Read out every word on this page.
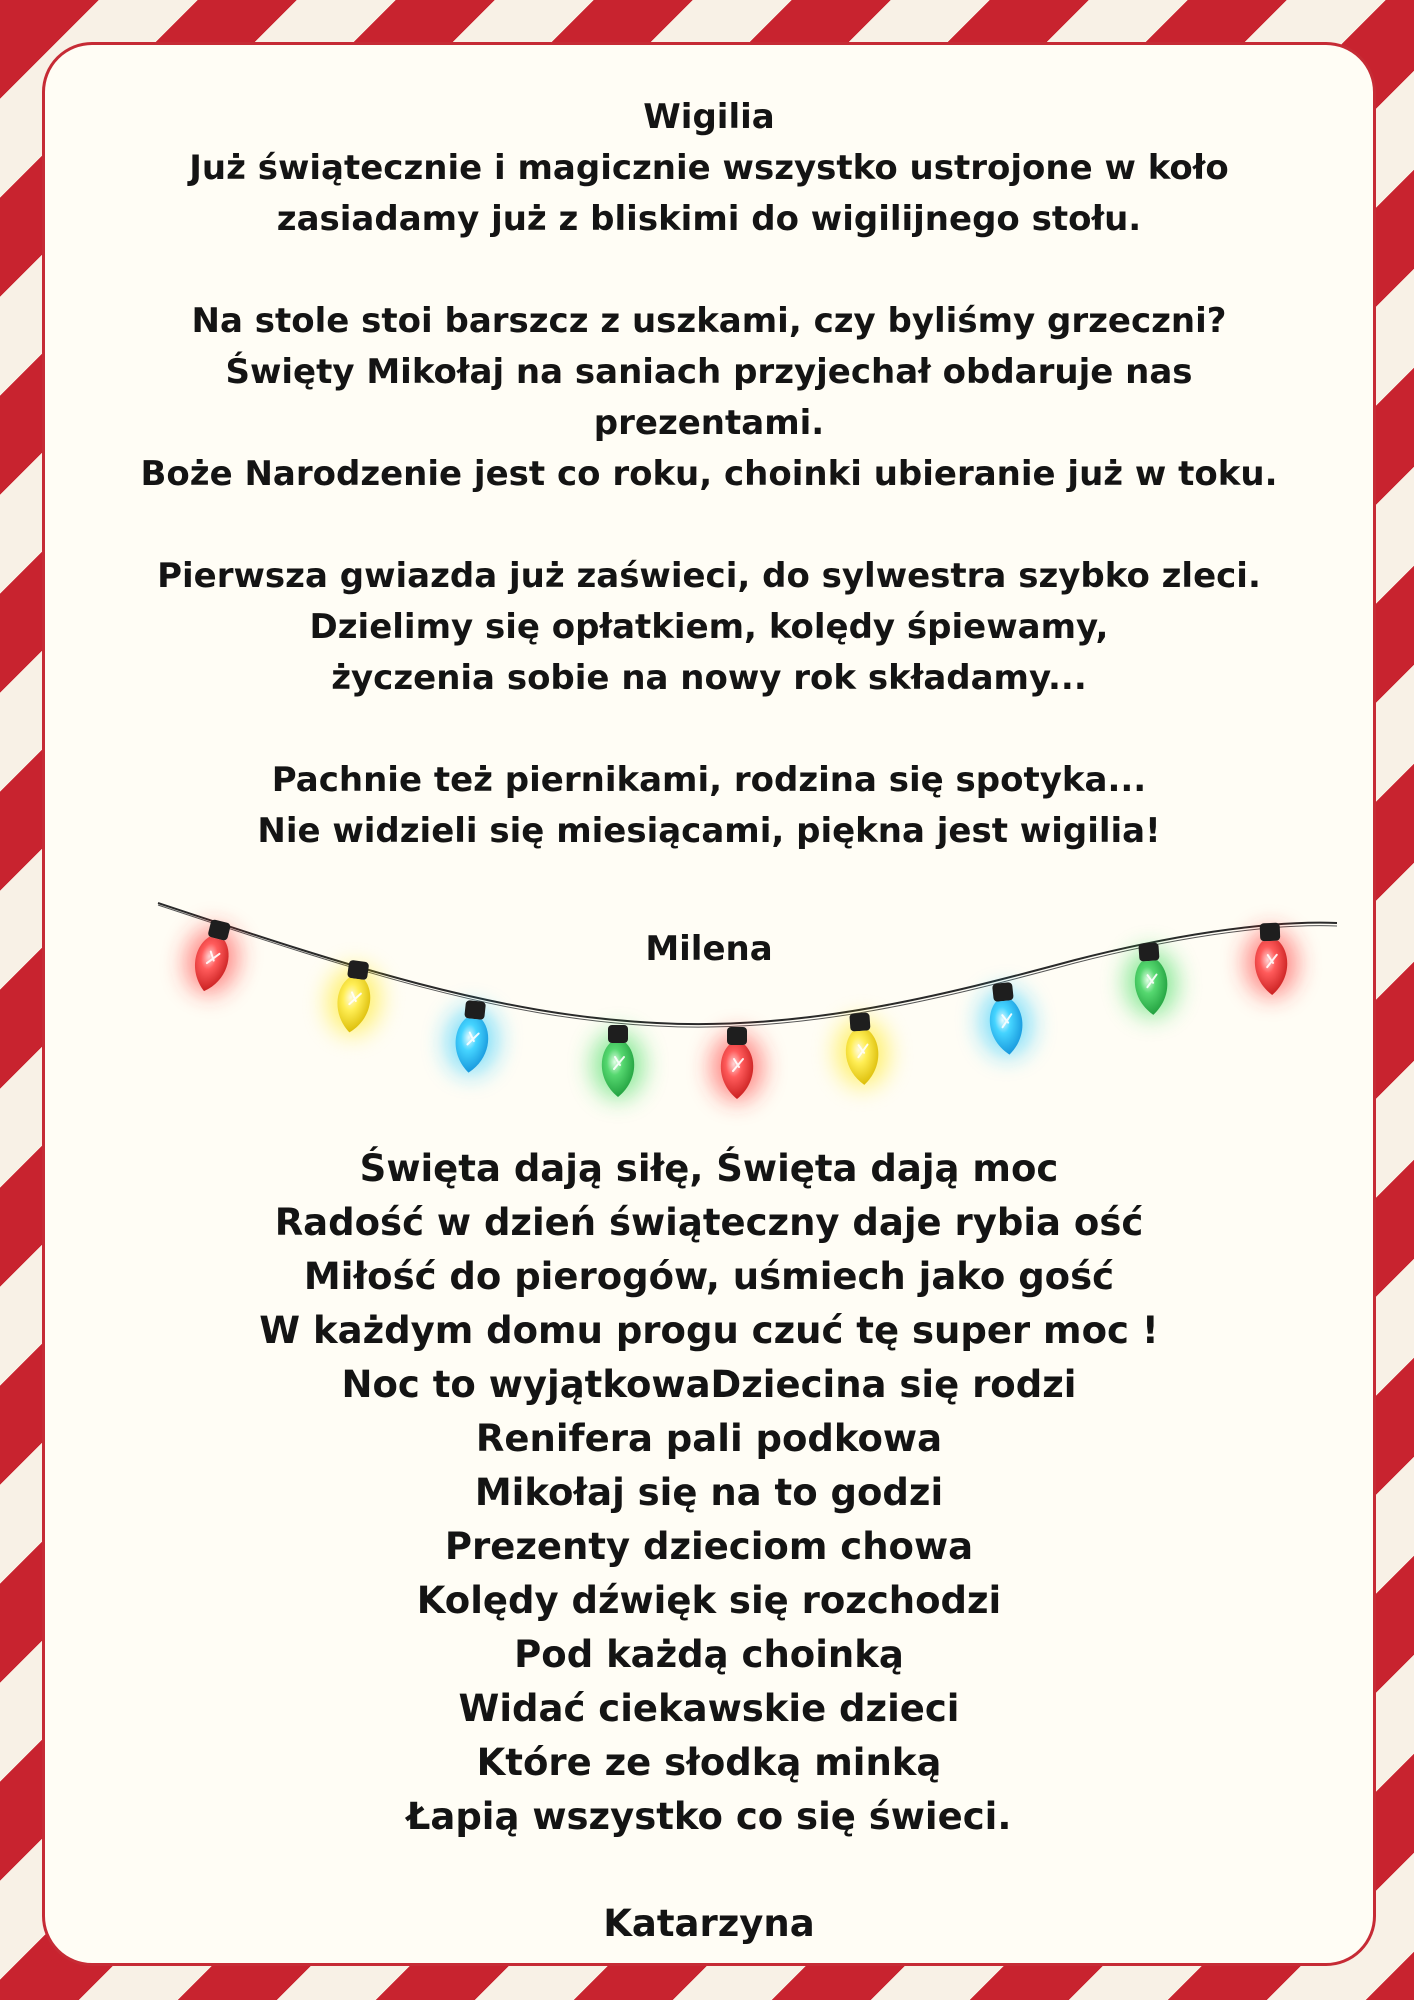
Wigilia
Już świątecznie i magicznie wszystko ustrojone w koło
zasiadamy już z bliskimi do wigilijnego stołu.
Na stole stoi barszcz z uszkami, czy byliśmy grzeczni?
Święty Mikołaj na saniach przyjechał obdaruje nas
prezentami.
Boże Narodzenie jest co roku, choinki ubieranie już w toku.
Pierwsza gwiazda już zaświeci, do sylwestra szybko zleci.
Dzielimy się opłatkiem, kolędy śpiewamy,
życzenia sobie na nowy rok składamy...
Pachnie też piernikami, rodzina się spotyka...
Nie widzieli się miesiącami, piękna jest wigilia!
Milena
Święta dają siłę, Święta dają moc
Radość w dzień świąteczny daje rybia ość
Miłość do pierogów, uśmiech jako gość
W każdym domu progu czuć tę super moc !
Noc to wyjątkowaDziecina się rodzi
Renifera pali podkowa
Mikołaj się na to godzi
Prezenty dzieciom chowa
Kolędy dźwięk się rozchodzi
Pod każdą choinką
Widać ciekawskie dzieci
Które ze słodką minką
Łapią wszystko co się świeci.
Katarzyna
